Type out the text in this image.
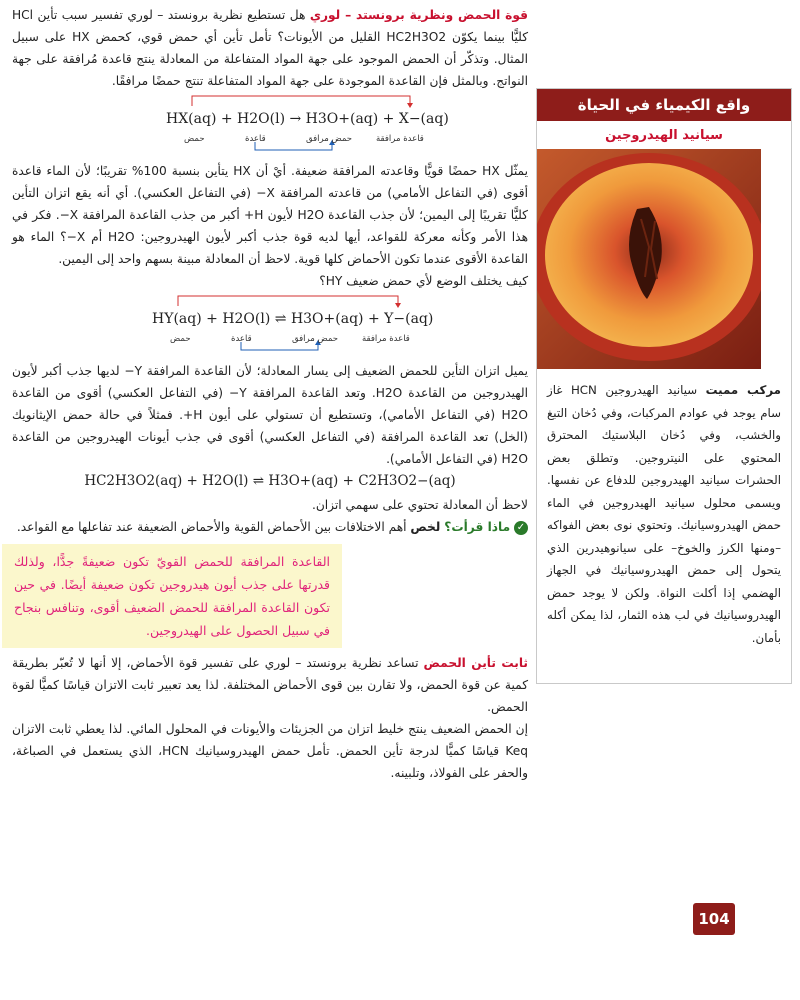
قوة الحمض ونظرية برونستد – لوري هل تستطيع نظرية برونستد – لوري تفسير سبب تأين HCl كليًّا بينما يكوّن HC2H3O2 القليل من الأيونات؟ تأمل تأين أي حمض قوي، كحمض HX على سبيل المثال. وتذكّر أن الحمض الموجود على جهة المواد المتفاعلة من المعادلة ينتج قاعدة مُرافقة على جهة النواتج. وبالمثل فإن القاعدة الموجودة على جهة المواد المتفاعلة تنتج حمضًا مرافقًا.

HX(aq) + H2O(l) → H3O+(aq) + X−(aq)
حمض	قاعدة	حمض مرافق	قاعدة مرافقة

يمثّل HX حمضًا قويًّا وقاعدته المرافقة ضعيفة. أيْ أن HX يتأين بنسبة 100% تقريبًا؛ لأن الماء قاعدة أقوى (في التفاعل الأمامي) من قاعدته المرافقة X− (في التفاعل العكسي). أي أنه يقع اتزان التأين كليًّا تقريبًا إلى اليمين؛ لأن جذب القاعدة H2O لأيون H+ أكبر من جذب القاعدة المرافقة X−. فكر في هذا الأمر وكأنه معركة للقواعد، أيها لديه قوة جذب أكبر لأيون الهيدروجين: H2O أم X−؟ الماء هو القاعدة الأقوى عندما تكون الأحماض كلها قوية. لاحظ أن المعادلة مبينة بسهم واحد إلى اليمين.

كيف يختلف الوضع لأي حمض ضعيف HY؟

HY(aq) + H2O(l) ⇌ H3O+(aq) + Y−(aq)
حمض	قاعدة	حمض مرافق	قاعدة مرافقة

يميل اتزان التأين للحمض الضعيف إلى يسار المعادلة؛ لأن القاعدة المرافقة Y− لديها جذب أكبر لأيون الهيدروجين من القاعدة H2O. وتعد القاعدة المرافقة Y− (في التفاعل العكسي) أقوى من القاعدة H2O (في التفاعل الأمامي)، وتستطيع أن تستولي على أيون H+. فمثلاً في حالة حمض الإيثانويك (الخل) تعد القاعدة المرافقة (في التفاعل العكسي) أقوى في جذب أيونات الهيدروجين من القاعدة H2O (في التفاعل الأمامي).

HC2H3O2(aq) + H2O(l) ⇌ H3O+(aq) + C2H3O2−(aq)

لاحظ أن المعادلة تحتوي على سهمي اتزان.

✓ ماذا قرأت؟ لخص أهم الاختلافات بين الأحماض القوية والأحماض الضعيفة عند تفاعلها مع القواعد.

القاعدة المرافقة للحمض القويّ تكون ضعيفةً جدًّا، ولذلك قدرتها على جذب أيون هيدروجين تكون ضعيفة أيضًا. في حين تكون القاعدة المرافقة للحمض الضعيف أقوى، وتنافس بنجاح في سبيل الحصول على الهيدروجين.

ثابت تأين الحمض تساعد نظرية برونستد – لوري على تفسير قوة الأحماض، إلا أنها لا تُعبّر بطريقة كمية عن قوة الحمض، ولا تقارن بين قوى الأحماض المختلفة. لذا يعد تعبير ثابت الاتزان قياسًا كميًّا لقوة الحمض.

إن الحمض الضعيف ينتج خليط اتزان من الجزيئات والأيونات في المحلول المائي. لذا يعطي ثابت الاتزان Keq قياسًا كميًّا لدرجة تأين الحمض. تأمل حمض الهيدروسيانيك HCN، الذي يستعمل في الصباغة، والحفر على الفولاذ، وتلبينه.

واقع الكيمياء في الحياة
سيانيد الهيدروجين
مركب مميت سيانيد الهيدروجين HCN غاز سام يوجد في عوادم المركبات، وفي دُخان التبغ والخشب، وفي دُخان البلاستيك المحترق المحتوي على النيتروجين. وتطلق بعض الحشرات سيانيد الهيدروجين للدفاع عن نفسها. ويسمى محلول سيانيد الهيدروجين في الماء حمض الهيدروسيانيك. وتحتوي نوى بعض الفواكه –ومنها الكرز والخوخ– على سيانوهيدرين الذي يتحول إلى حمض الهيدروسيانيك في الجهاز الهضمي إذا أكلت النواة. ولكن لا يوجد حمض الهيدروسيانيك في لب هذه الثمار، لذا يمكن أكله بأمان.
104
